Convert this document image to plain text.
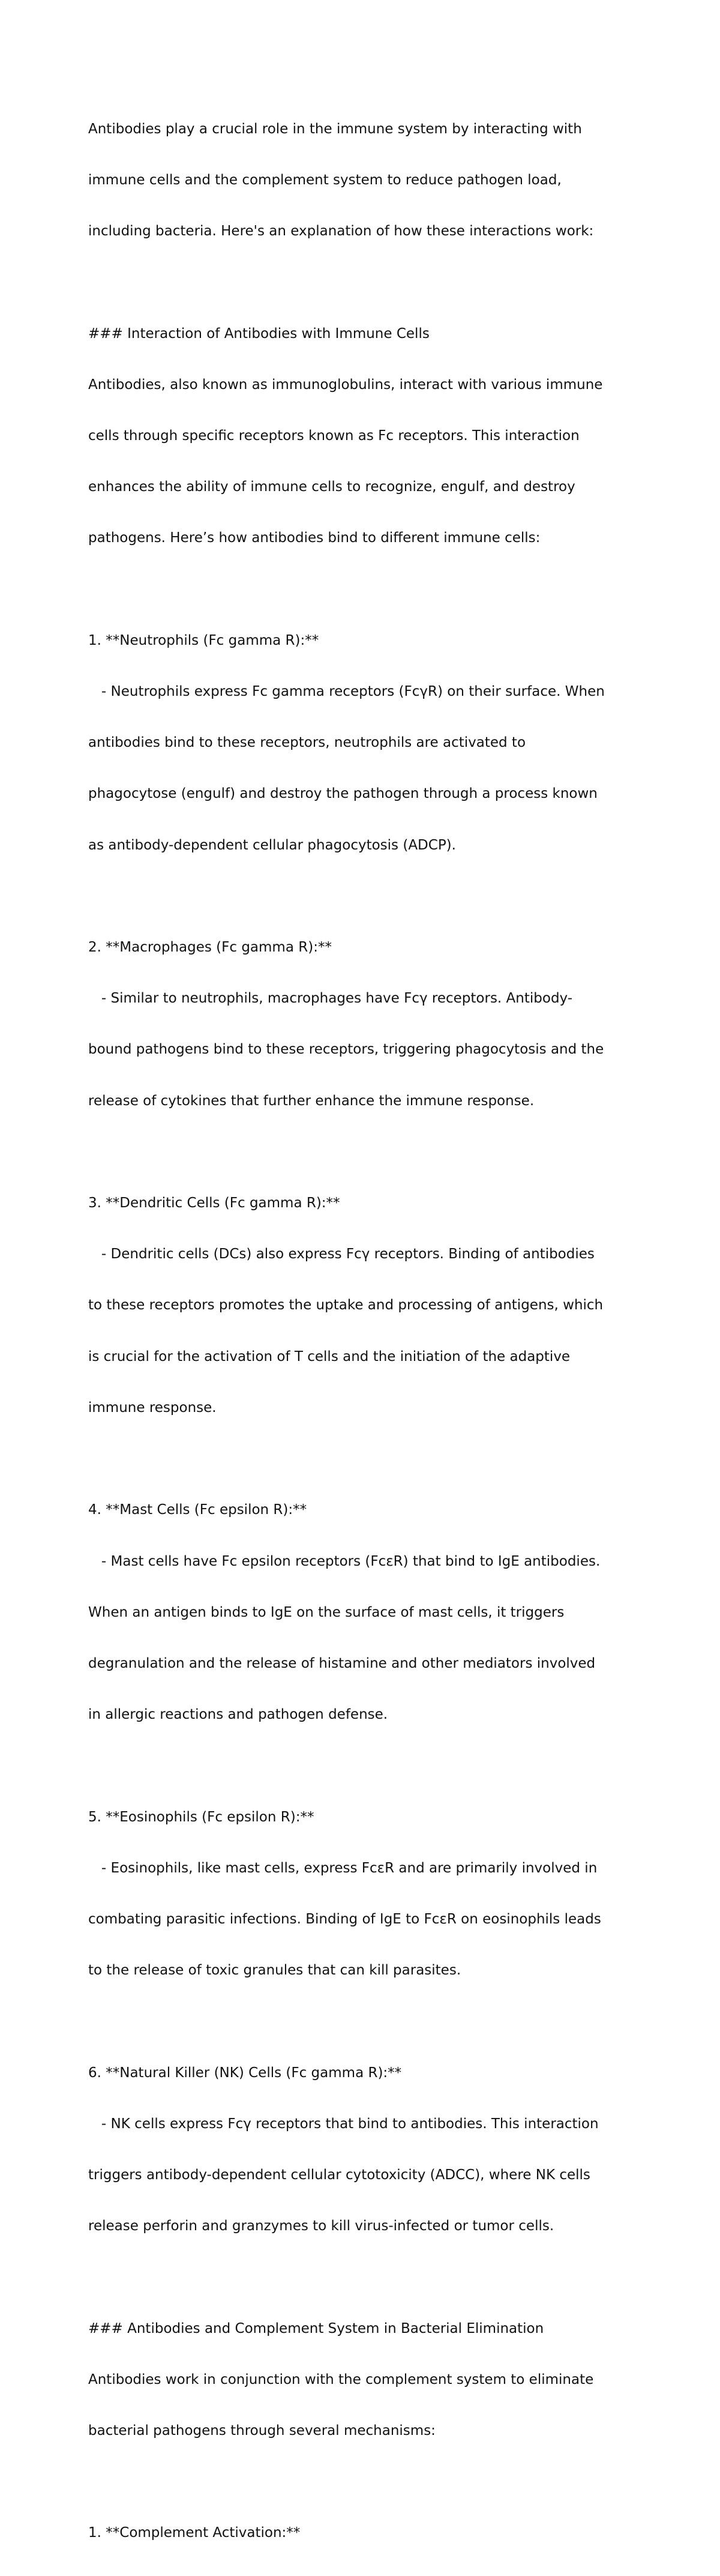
Antibodies play a crucial role in the immune system by interacting with

immune cells and the complement system to reduce pathogen load,

including bacteria. Here's an explanation of how these interactions work:

### Interaction of Antibodies with Immune Cells

Antibodies, also known as immunoglobulins, interact with various immune

cells through specific receptors known as Fc receptors. This interaction

enhances the ability of immune cells to recognize, engulf, and destroy

pathogens. Here’s how antibodies bind to different immune cells:

1. **Neutrophils (Fc gamma R):**

- Neutrophils express Fc gamma receptors (FcγR) on their surface. When

antibodies bind to these receptors, neutrophils are activated to

phagocytose (engulf) and destroy the pathogen through a process known

as antibody-dependent cellular phagocytosis (ADCP).

2. **Macrophages (Fc gamma R):**

- Similar to neutrophils, macrophages have Fcγ receptors. Antibody-

bound pathogens bind to these receptors, triggering phagocytosis and the

release of cytokines that further enhance the immune response.

3. **Dendritic Cells (Fc gamma R):**

- Dendritic cells (DCs) also express Fcγ receptors. Binding of antibodies

to these receptors promotes the uptake and processing of antigens, which

is crucial for the activation of T cells and the initiation of the adaptive

immune response.

4. **Mast Cells (Fc epsilon R):**

- Mast cells have Fc epsilon receptors (FcεR) that bind to IgE antibodies.

When an antigen binds to IgE on the surface of mast cells, it triggers

degranulation and the release of histamine and other mediators involved

in allergic reactions and pathogen defense.

5. **Eosinophils (Fc epsilon R):**

- Eosinophils, like mast cells, express FcεR and are primarily involved in

combating parasitic infections. Binding of IgE to FcεR on eosinophils leads

to the release of toxic granules that can kill parasites.

6. **Natural Killer (NK) Cells (Fc gamma R):**

- NK cells express Fcγ receptors that bind to antibodies. This interaction

triggers antibody-dependent cellular cytotoxicity (ADCC), where NK cells

release perforin and granzymes to kill virus-infected or tumor cells.

### Antibodies and Complement System in Bacterial Elimination

Antibodies work in conjunction with the complement system to eliminate

bacterial pathogens through several mechanisms:

1. **Complement Activation:**
